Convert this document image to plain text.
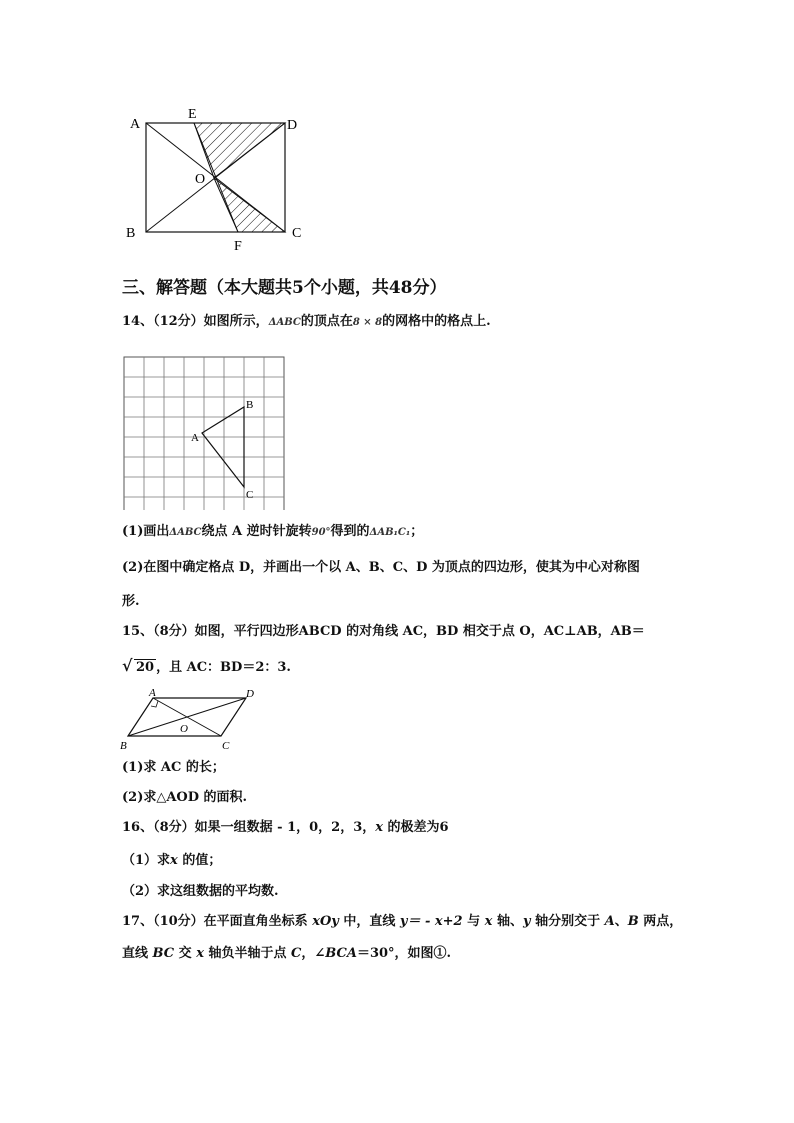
A
E
D
O
B
F
C
三、解答题（本大题共5个小题，共48分）
14、（12分）如图所示，ΔABC的顶点在8 × 8的网格中的格点上.
B
A
C
(1)画出ΔABC绕点 A 逆时针旋转90°得到的ΔAB₁C₁；
(2)在图中确定格点 D，并画出一个以 A、B、C、D 为顶点的四边形，使其为中心对称图
形.
15、（8分）如图，平行四边形ABCD 的对角线 AC，BD 相交于点 O，AC⊥AB，AB＝
√ 20 ，且 AC：BD＝2：3.
A	D
O
B	C
(1)求 AC 的长；
(2)求△AOD 的面积.
16、（8分）如果一组数据 - 1，0，2，3，x 的极差为6
（1）求x 的值；
（2）求这组数据的平均数.
17、（10分）在平面直角坐标系 xOy 中，直线 y＝ - x+2 与 x 轴、y 轴分别交于 A、B 两点，
直线 BC 交 x 轴负半轴于点 C，∠BCA＝30°，如图①.
